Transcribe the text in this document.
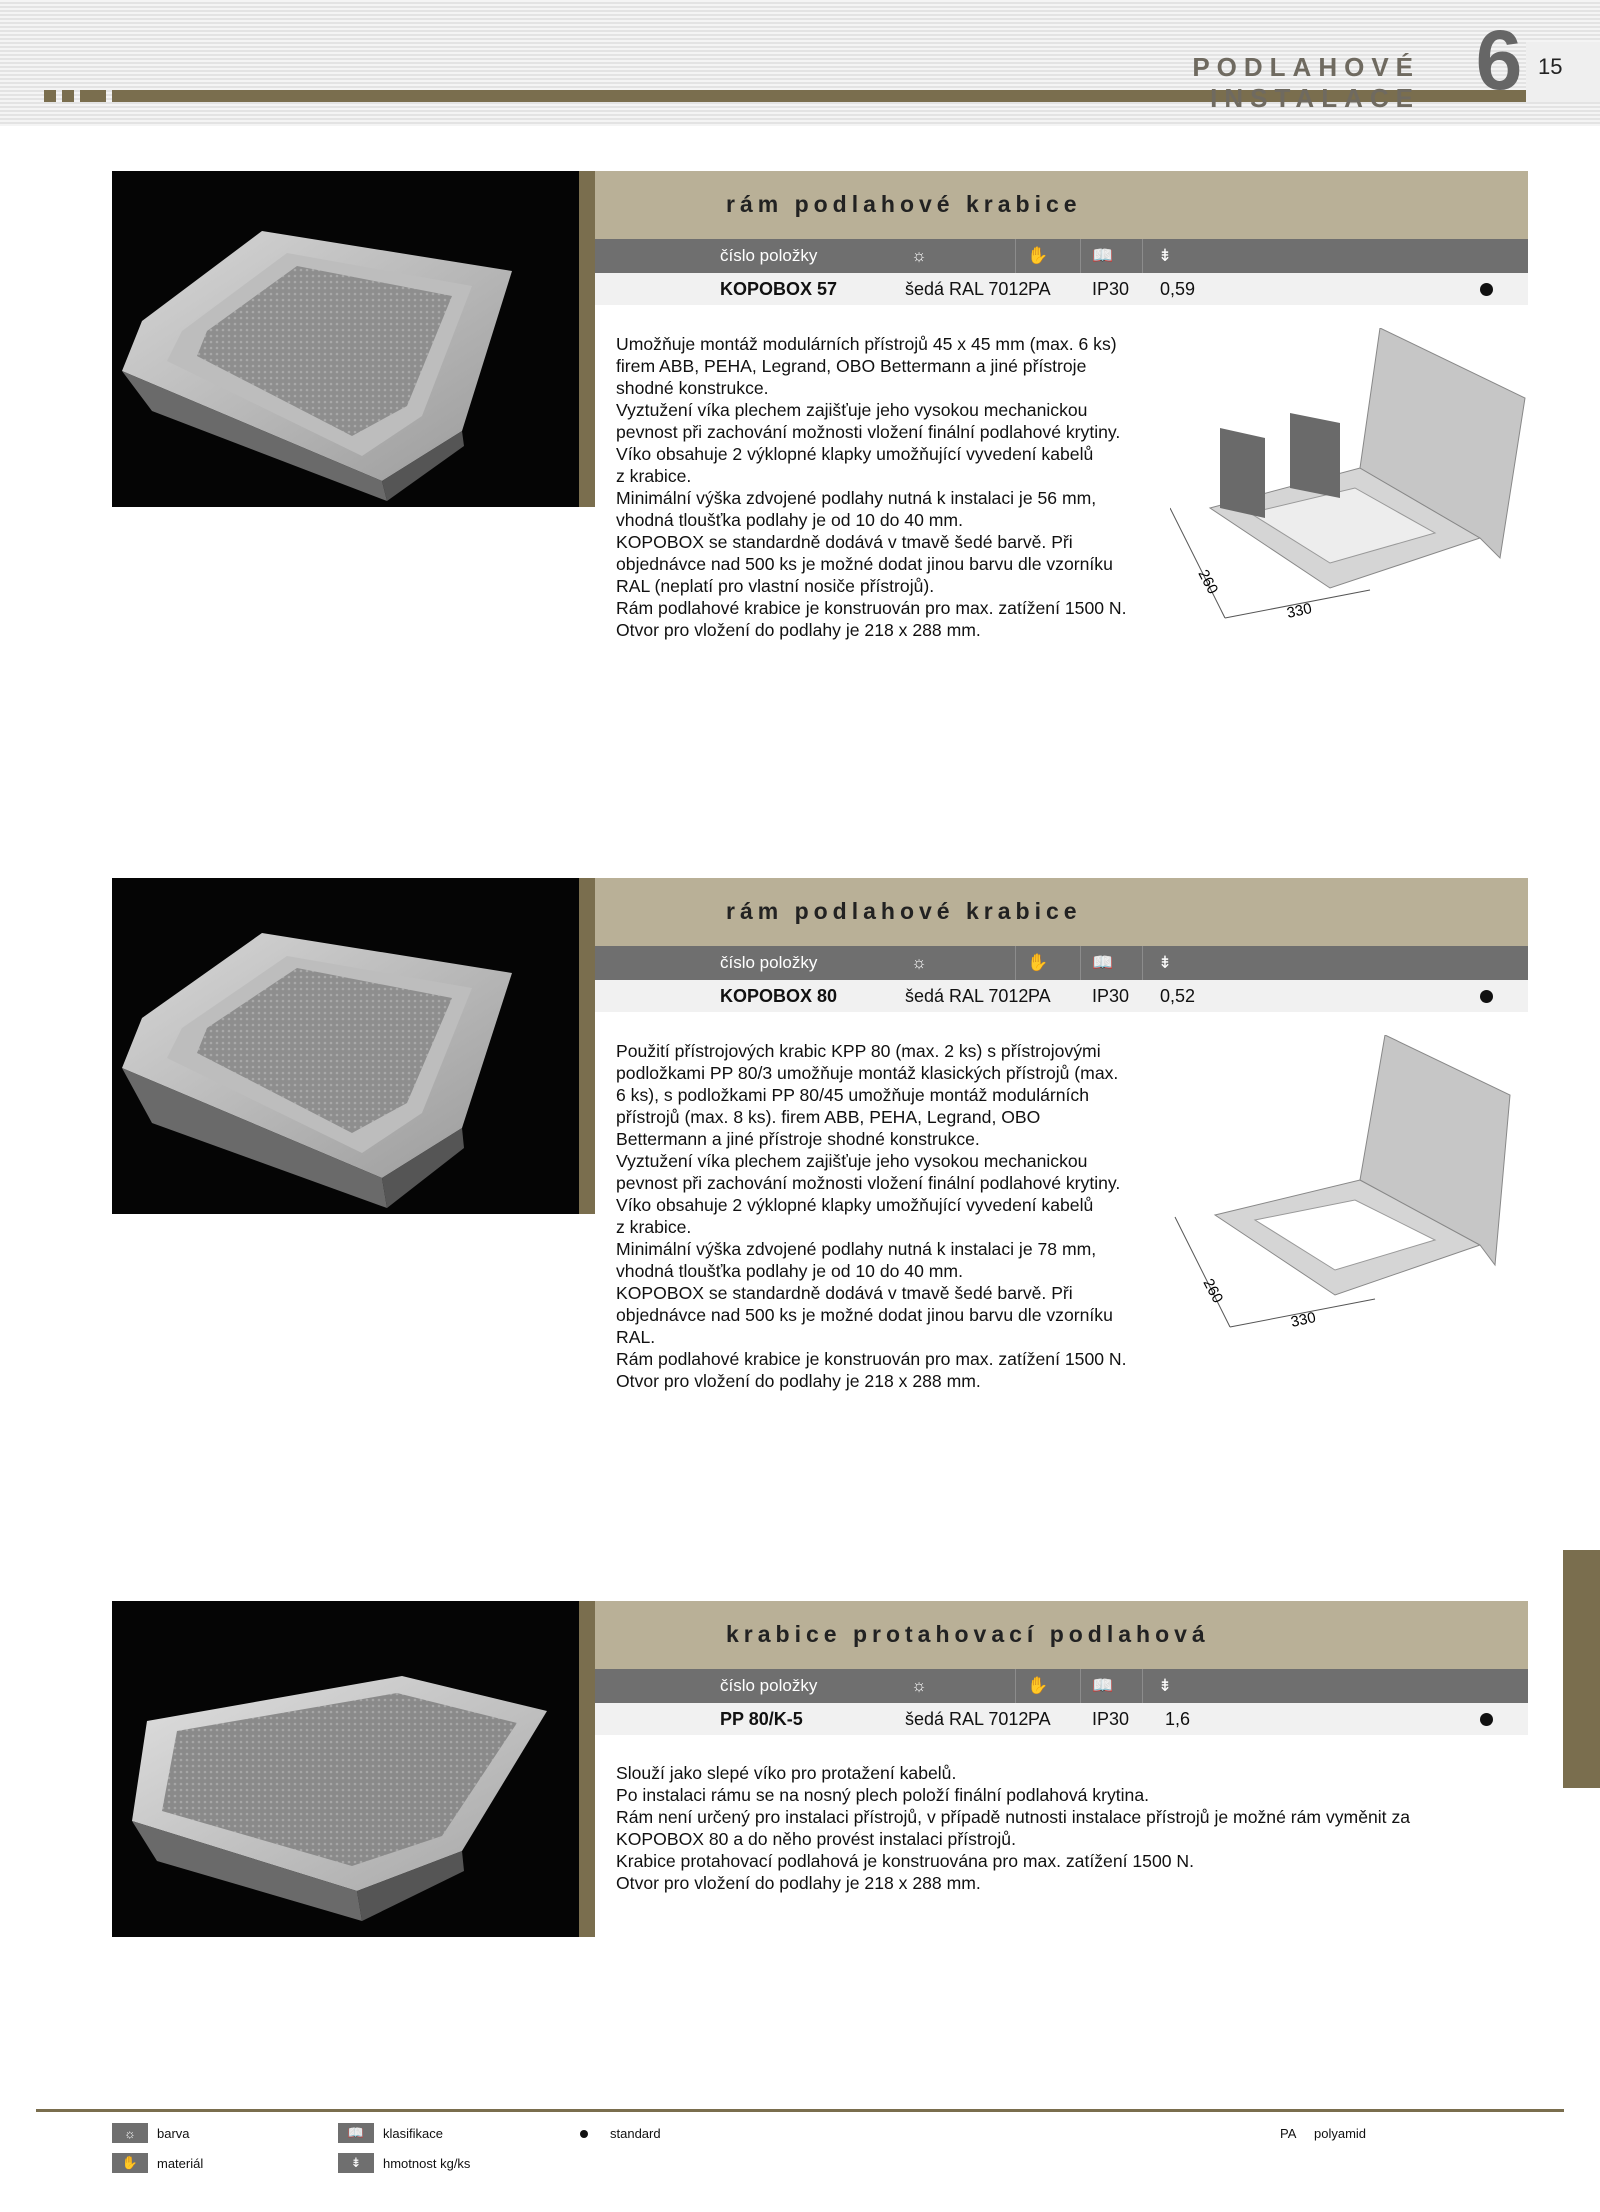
PODLAHOVÉ INSTALACE 6 15
rám podlahové krabice
číslo položky	☼	✋	📖	⇟
KOPOBOX 57	šedá RAL 7012 PA IP30 0,59
Umožňuje montáž modulárních přístrojů 45 x 45 mm (max. 6 ks)
firem ABB, PEHA, Legrand, OBO Bettermann a jiné přístroje
shodné konstrukce.
Vyztužení víka plechem zajišťuje jeho vysokou mechanickou
pevnost při zachování možnosti vložení finální podlahové krytiny.
Víko obsahuje 2 výklopné klapky umožňující vyvedení kabelů
z krabice.
Minimální výška zdvojené podlahy nutná k instalaci je 56 mm,
vhodná tloušťka podlahy je od 10 do 40 mm.
KOPOBOX se standardně dodává v tmavě šedé barvě. Při
objednávce nad 500 ks je možné dodat jinou barvu dle vzorníku
RAL (neplatí pro vlastní nosiče přístrojů).
Rám podlahové krabice je konstruován pro max. zatížení 1500 N.
Otvor pro vložení do podlahy je 218 x 288 mm.
260
330
rám podlahové krabice
číslo položky	☼	✋	📖	⇟
KOPOBOX 80	šedá RAL 7012 PA IP30 0,52
Použití přístrojových krabic KPP 80 (max. 2 ks) s přístrojovými
podložkami PP 80/3 umožňuje montáž klasických přístrojů (max.
6 ks), s podložkami PP 80/45 umožňuje montáž modulárních
přístrojů (max. 8 ks). firem ABB, PEHA, Legrand, OBO
Bettermann a jiné přístroje shodné konstrukce.
Vyztužení víka plechem zajišťuje jeho vysokou mechanickou
pevnost při zachování možnosti vložení finální podlahové krytiny.
Víko obsahuje 2 výklopné klapky umožňující vyvedení kabelů
z krabice.
Minimální výška zdvojené podlahy nutná k instalaci je 78 mm,
vhodná tloušťka podlahy je od 10 do 40 mm.
KOPOBOX se standardně dodává v tmavě šedé barvě. Při
objednávce nad 500 ks je možné dodat jinou barvu dle vzorníku
RAL.
Rám podlahové krabice je konstruován pro max. zatížení 1500 N.
Otvor pro vložení do podlahy je 218 x 288 mm.
260
330
krabice protahovací podlahová
číslo položky	☼	✋	📖	⇟
PP 80/K-5	šedá RAL 7012 PA IP30 1,6
Slouží jako slepé víko pro protažení kabelů.
Po instalaci rámu se na nosný plech položí finální podlahová krytina.
Rám není určený pro instalaci přístrojů, v případě nutnosti instalace přístrojů je možné rám vyměnit za
KOPOBOX 80 a do něho provést instalaci přístrojů.
Krabice protahovací podlahová je konstruována pro max. zatížení 1500 N.
Otvor pro vložení do podlahy je 218 x 288 mm.
☼	barva
✋	materiál
📖	klasifikace
⇟	hmotnost kg/ks
standard	PA polyamid
